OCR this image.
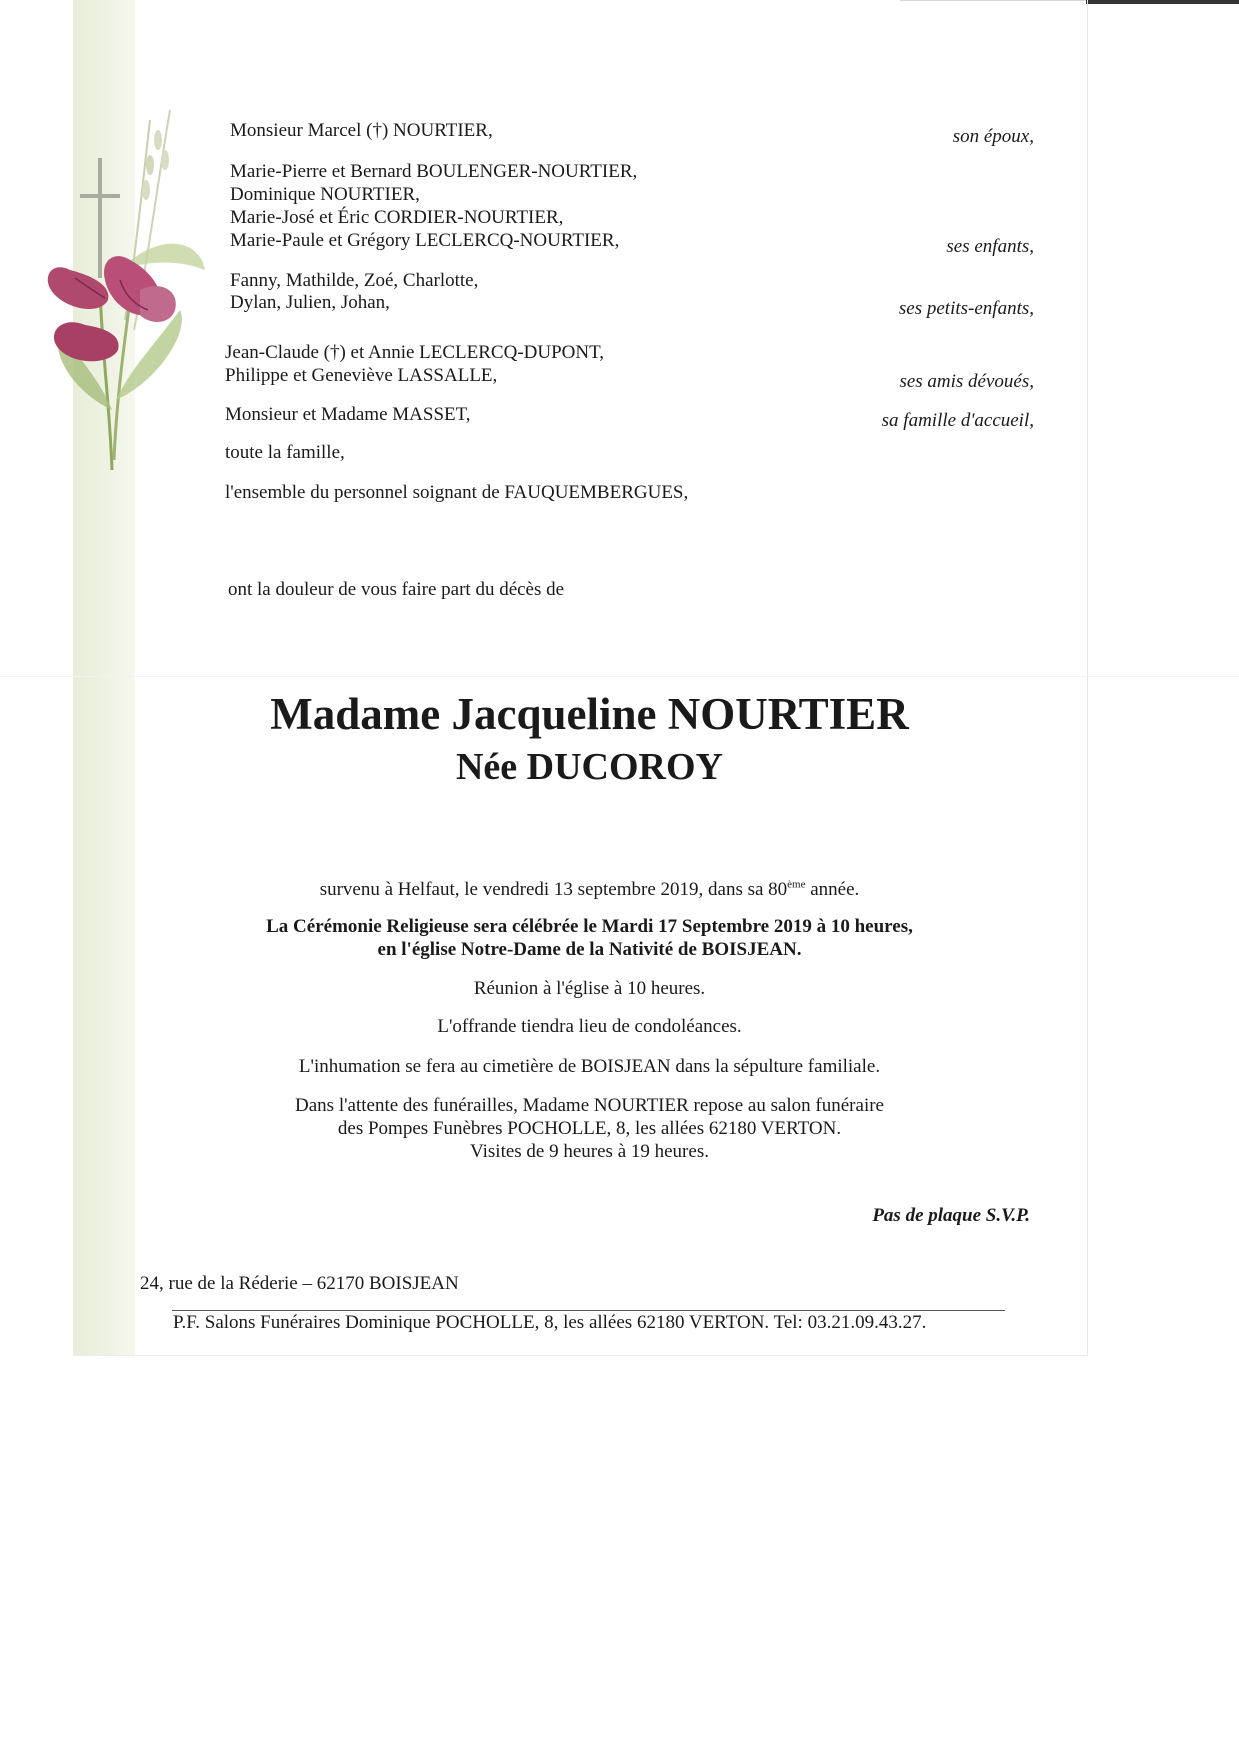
Monsieur Marcel (†) NOURTIER,
Marie-Pierre et Bernard BOULENGER-NOURTIER,
Dominique NOURTIER,
Marie-José et Éric CORDIER-NOURTIER,
Marie-Paule et Grégory LECLERCQ-NOURTIER,
Fanny, Mathilde, Zoé, Charlotte,
Dylan, Julien, Johan,
Jean-Claude (†) et Annie LECLERCQ-DUPONT,
Philippe et Geneviève LASSALLE,
Monsieur et Madame MASSET,
toute la famille,
l'ensemble du personnel soignant de FAUQUEMBERGUES,
son époux,
ses enfants,
ses petits-enfants,
ses amis dévoués,
sa famille d'accueil,
ont la douleur de vous faire part du décès de
Madame Jacqueline NOURTIER
Née DUCOROY
survenu à Helfaut, le vendredi 13 septembre 2019, dans sa 80ème année.
La Cérémonie Religieuse sera célébrée le Mardi 17 Septembre 2019 à 10 heures,
en l'église Notre-Dame de la Nativité de BOISJEAN.
Réunion à l'église à 10 heures.
L'offrande tiendra lieu de condoléances.
L'inhumation se fera au cimetière de BOISJEAN dans la sépulture familiale.
Dans l'attente des funérailles, Madame NOURTIER repose au salon funéraire
des Pompes Funèbres POCHOLLE, 8, les allées 62180 VERTON.
Visites de 9 heures à 19 heures.
Pas de plaque S.V.P.
24, rue de la Réderie – 62170 BOISJEAN
P.F. Salons Funéraires Dominique POCHOLLE, 8, les allées 62180 VERTON. Tel: 03.21.09.43.27.
